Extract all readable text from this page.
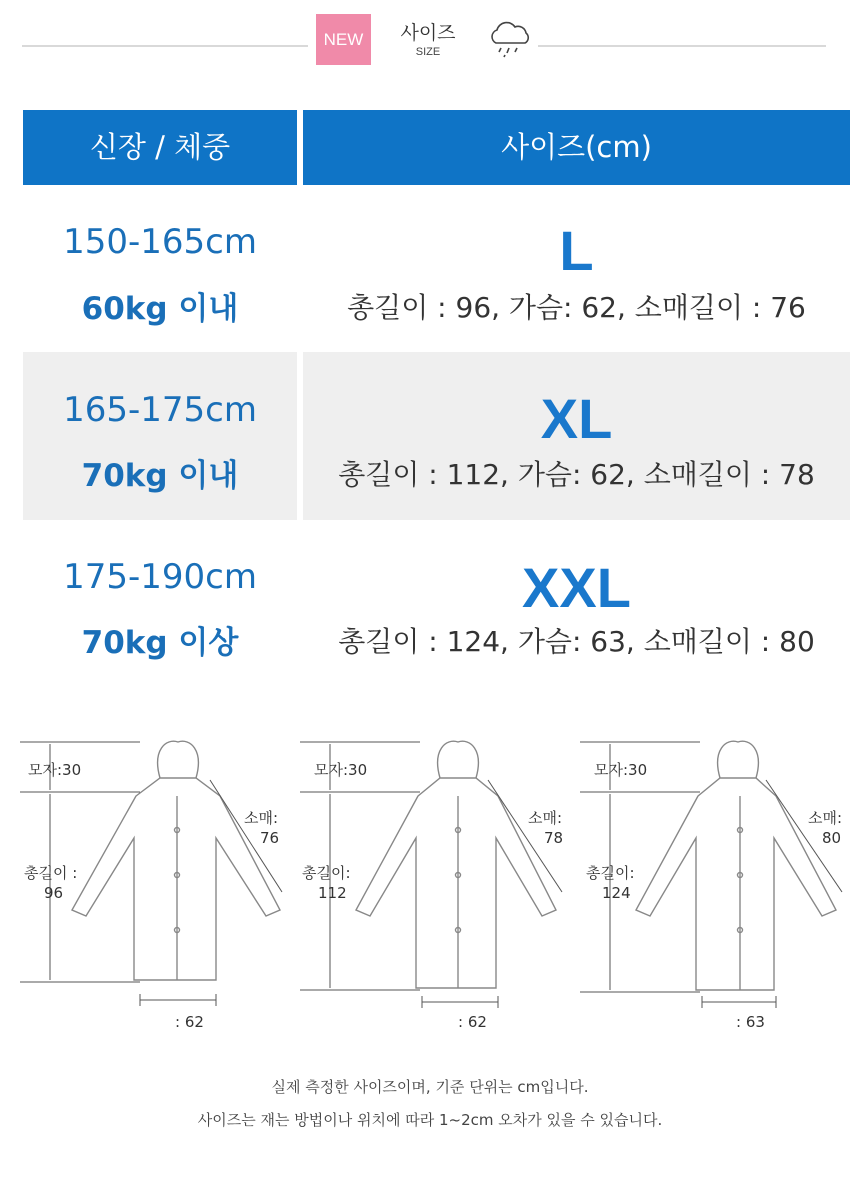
NEW	사이즈
SIZE
신장 / 체중	사이즈(cm)
150-165cm
60kg 이내
L
총길이 : 96, 가슴: 62, 소매길이 : 76
165-175cm
70kg 이내
XL
총길이 : 112, 가슴: 62, 소매길이 : 78
175-190cm
70kg 이상
XXL
총길이 : 124, 가슴: 63, 소매길이 : 80
모자:30
총길이 :
96
소매:
76
: 62
모자:30
총길이:
112
소매:
78
: 62
모자:30
총길이:
124
소매:
80
: 63
실제 측정한 사이즈이며, 기준 단위는 cm입니다.
사이즈는 재는 방법이나 위치에 따라 1~2cm 오차가 있을 수 있습니다.
